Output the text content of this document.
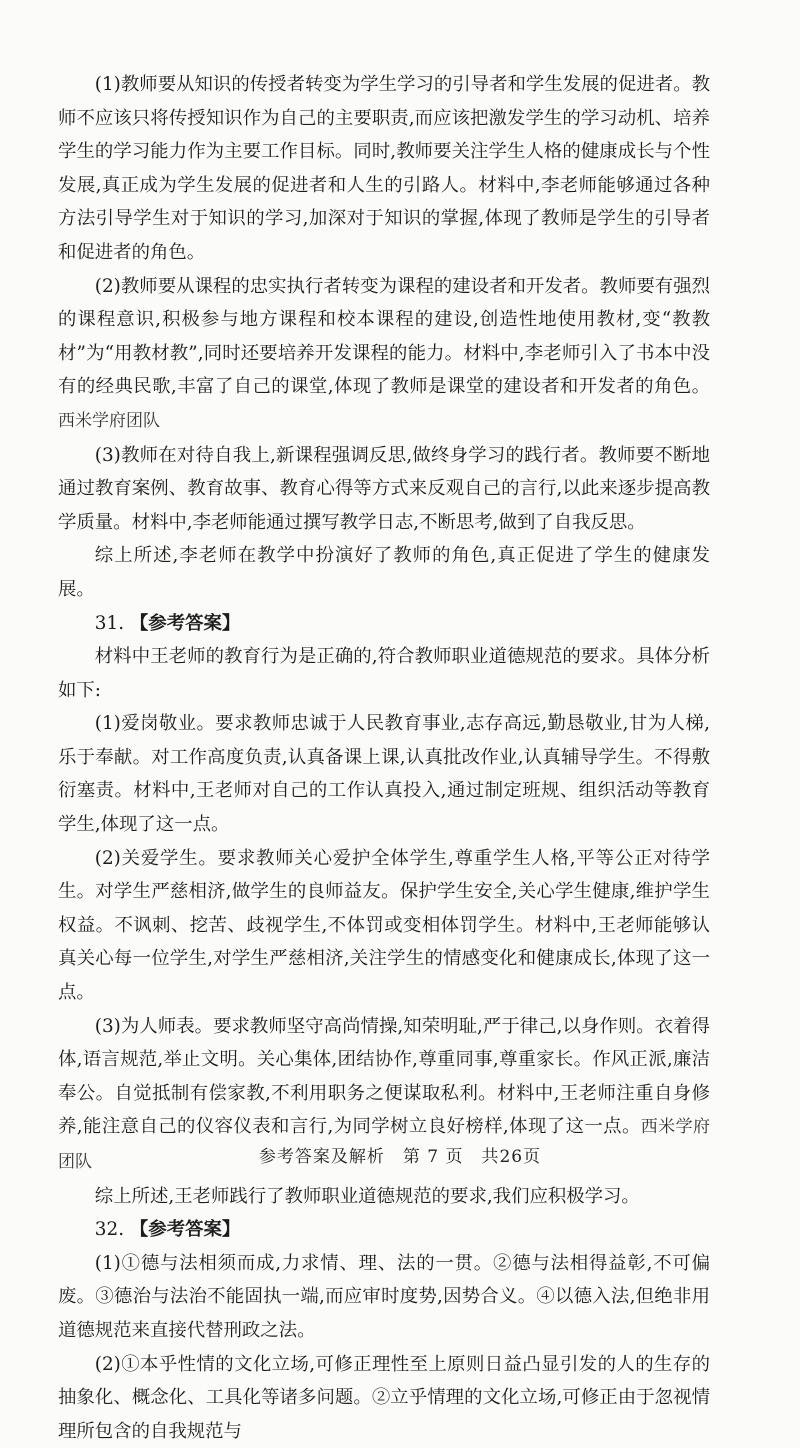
(1)教师要从知识的传授者转变为学生学习的引导者和学生发展的促进者。教师不应该只将传授知识作为自己的主要职责,而应该把激发学生的学习动机、培养学生的学习能力作为主要工作目标。同时,教师要关注学生人格的健康成长与个性发展,真正成为学生发展的促进者和人生的引路人。材料中,李老师能够通过各种方法引导学生对于知识的学习,加深对于知识的掌握,体现了教师是学生的引导者和促进者的角色。

(2)教师要从课程的忠实执行者转变为课程的建设者和开发者。教师要有强烈的课程意识,积极参与地方课程和校本课程的建设,创造性地使用教材,变“教教材”为“用教材教”,同时还要培养开发课程的能力。材料中,李老师引入了书本中没有的经典民歌,丰富了自己的课堂,体现了教师是课堂的建设者和开发者的角色。西米学府团队

(3)教师在对待自我上,新课程强调反思,做终身学习的践行者。教师要不断地通过教育案例、教育故事、教育心得等方式来反观自己的言行,以此来逐步提高教学质量。材料中,李老师能通过撰写教学日志,不断思考,做到了自我反思。

综上所述,李老师在教学中扮演好了教师的角色,真正促进了学生的健康发展。

31. 【参考答案】

材料中王老师的教育行为是正确的,符合教师职业道德规范的要求。具体分析如下:

(1)爱岗敬业。要求教师忠诚于人民教育事业,志存高远,勤恳敬业,甘为人梯,乐于奉献。对工作高度负责,认真备课上课,认真批改作业,认真辅导学生。不得敷衍塞责。材料中,王老师对自己的工作认真投入,通过制定班规、组织活动等教育学生,体现了这一点。

(2)关爱学生。要求教师关心爱护全体学生,尊重学生人格,平等公正对待学生。对学生严慈相济,做学生的良师益友。保护学生安全,关心学生健康,维护学生权益。不讽刺、挖苦、歧视学生,不体罚或变相体罚学生。材料中,王老师能够认真关心每一位学生,对学生严慈相济,关注学生的情感变化和健康成长,体现了这一点。

(3)为人师表。要求教师坚守高尚情操,知荣明耻,严于律己,以身作则。衣着得体,语言规范,举止文明。关心集体,团结协作,尊重同事,尊重家长。作风正派,廉洁奉公。自觉抵制有偿家教,不利用职务之便谋取私利。材料中,王老师注重自身修养,能注意自己的仪容仪表和言行,为同学树立良好榜样,体现了这一点。西米学府团队

综上所述,王老师践行了教师职业道德规范的要求,我们应积极学习。

32. 【参考答案】

(1)①德与法相须而成,力求情、理、法的一贯。②德与法相得益彰,不可偏废。③德治与法治不能固执一端,而应审时度势,因势合义。④以德入法,但绝非用道德规范来直接代替刑政之法。

(2)①本乎性情的文化立场,可修正理性至上原则日益凸显引发的人的生存的抽象化、概念化、工具化等诸多问题。②立乎情理的文化立场,可修正由于忽视情理所包含的自我规范与

参考答案及解析　第 7 页　共26页
